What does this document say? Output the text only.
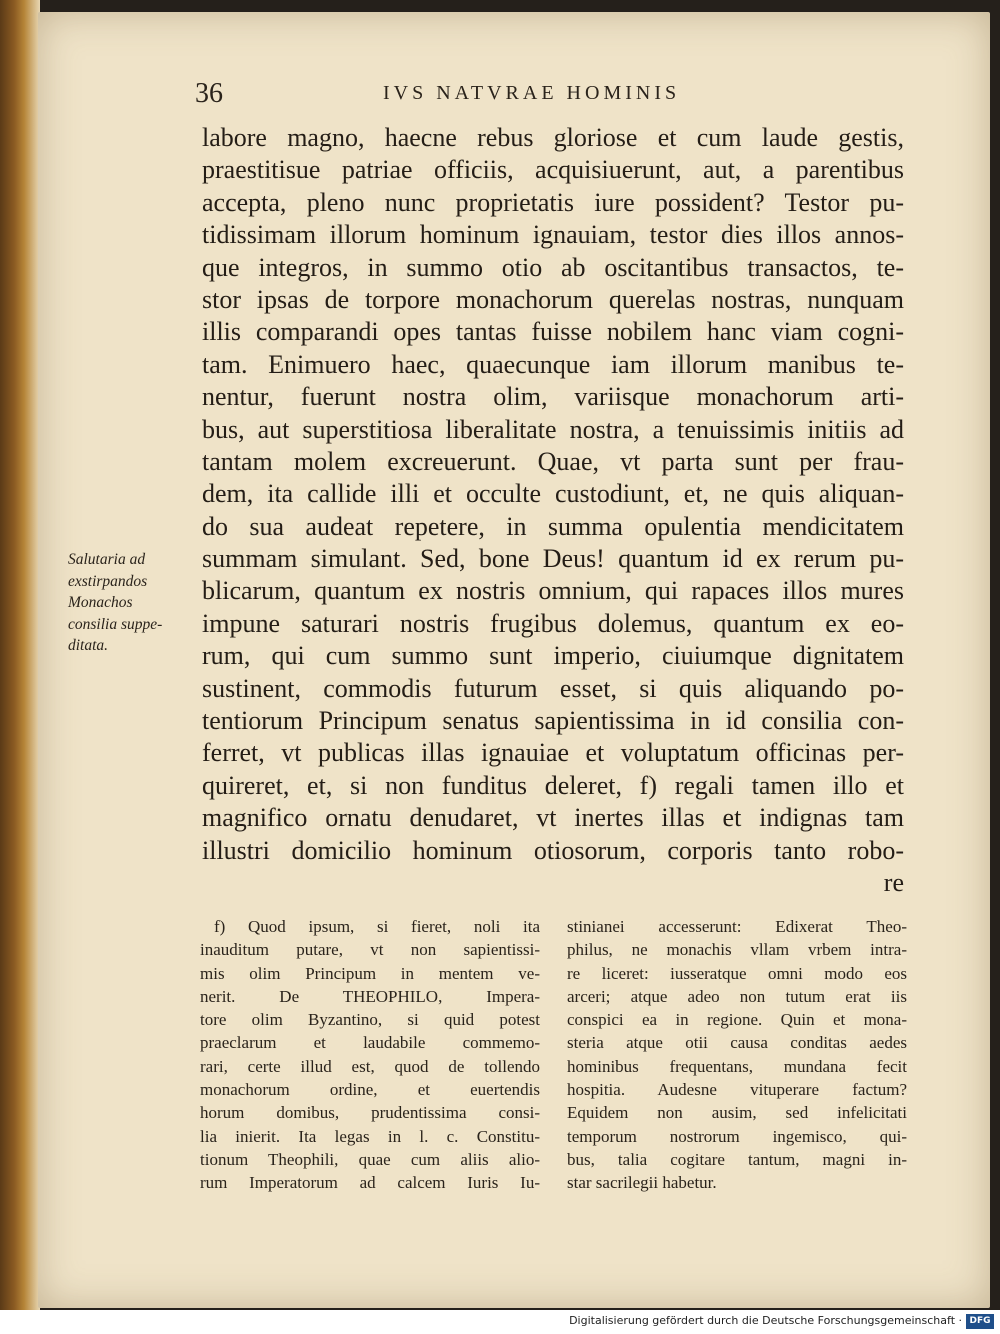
36	IVS NATVRAE HOMINIS
labore magno, haecne rebus gloriose et cum laude gestis,
praestitisue patriae officiis, acquisiuerunt, aut, a parentibus
accepta, pleno nunc proprietatis iure possident? Testor pu-
tidissimam illorum hominum ignauiam, testor dies illos annos-
que integros, in summo otio ab oscitantibus transactos, te-
stor ipsas de torpore monachorum querelas nostras, nunquam
illis comparandi opes tantas fuisse nobilem hanc viam cogni-
tam. Enimuero haec, quaecunque iam illorum manibus te-
nentur, fuerunt nostra olim, variisque monachorum arti-
bus, aut superstitiosa liberalitate nostra, a tenuissimis initiis ad
tantam molem excreuerunt. Quae, vt parta sunt per frau-
dem, ita callide illi et occulte custodiunt, et, ne quis aliquan-
do sua audeat repetere, in summa opulentia mendicitatem
summam simulant. Sed, bone Deus! quantum id ex rerum pu-
blicarum, quantum ex nostris omnium, qui rapaces illos mures
impune saturari nostris frugibus dolemus, quantum ex eo-
rum, qui cum summo sunt imperio, ciuiumque dignitatem
sustinent, commodis futurum esset, si quis aliquando po-
tentiorum Principum senatus sapientissima in id consilia con-
ferret, vt publicas illas ignauiae et voluptatum officinas per-
quireret, et, si non funditus deleret, f) regali tamen illo et
magnifico ornatu denudaret, vt inertes illas et indignas tam
illustri domicilio hominum otiosorum, corporis tanto robo-
re
Salutaria ad
exstirpandos
Monachos
consilia suppe-
ditata.
f) Quod ipsum, si fieret, noli ita
inauditum putare, vt non sapientissi-
mis olim Principum in mentem ve-
nerit. De THEOPHILO, Impera-
tore olim Byzantino, si quid potest
praeclarum et laudabile commemo-
rari, certe illud est, quod de tollendo
monachorum ordine, et euertendis
horum domibus, prudentissima consi-
lia inierit. Ita legas in l. c. Constitu-
tionum Theophili, quae cum aliis alio-
rum Imperatorum ad calcem Iuris Iu-
stinianei accesserunt: Edixerat Theo-
philus, ne monachis vllam vrbem intra-
re liceret: iusseratque omni modo eos
arceri; atque adeo non tutum erat iis
conspici ea in regione. Quin et mona-
steria atque otii causa conditas aedes
hominibus frequentans, mundana fecit
hospitia. Audesne vituperare factum?
Equidem non ausim, sed infelicitati
temporum nostrorum ingemisco, qui-
bus, talia cogitare tantum, magni in-
star sacrilegii habetur.
Digitalisierung gefördert durch die Deutsche Forschungsgemeinschaft · DFG
